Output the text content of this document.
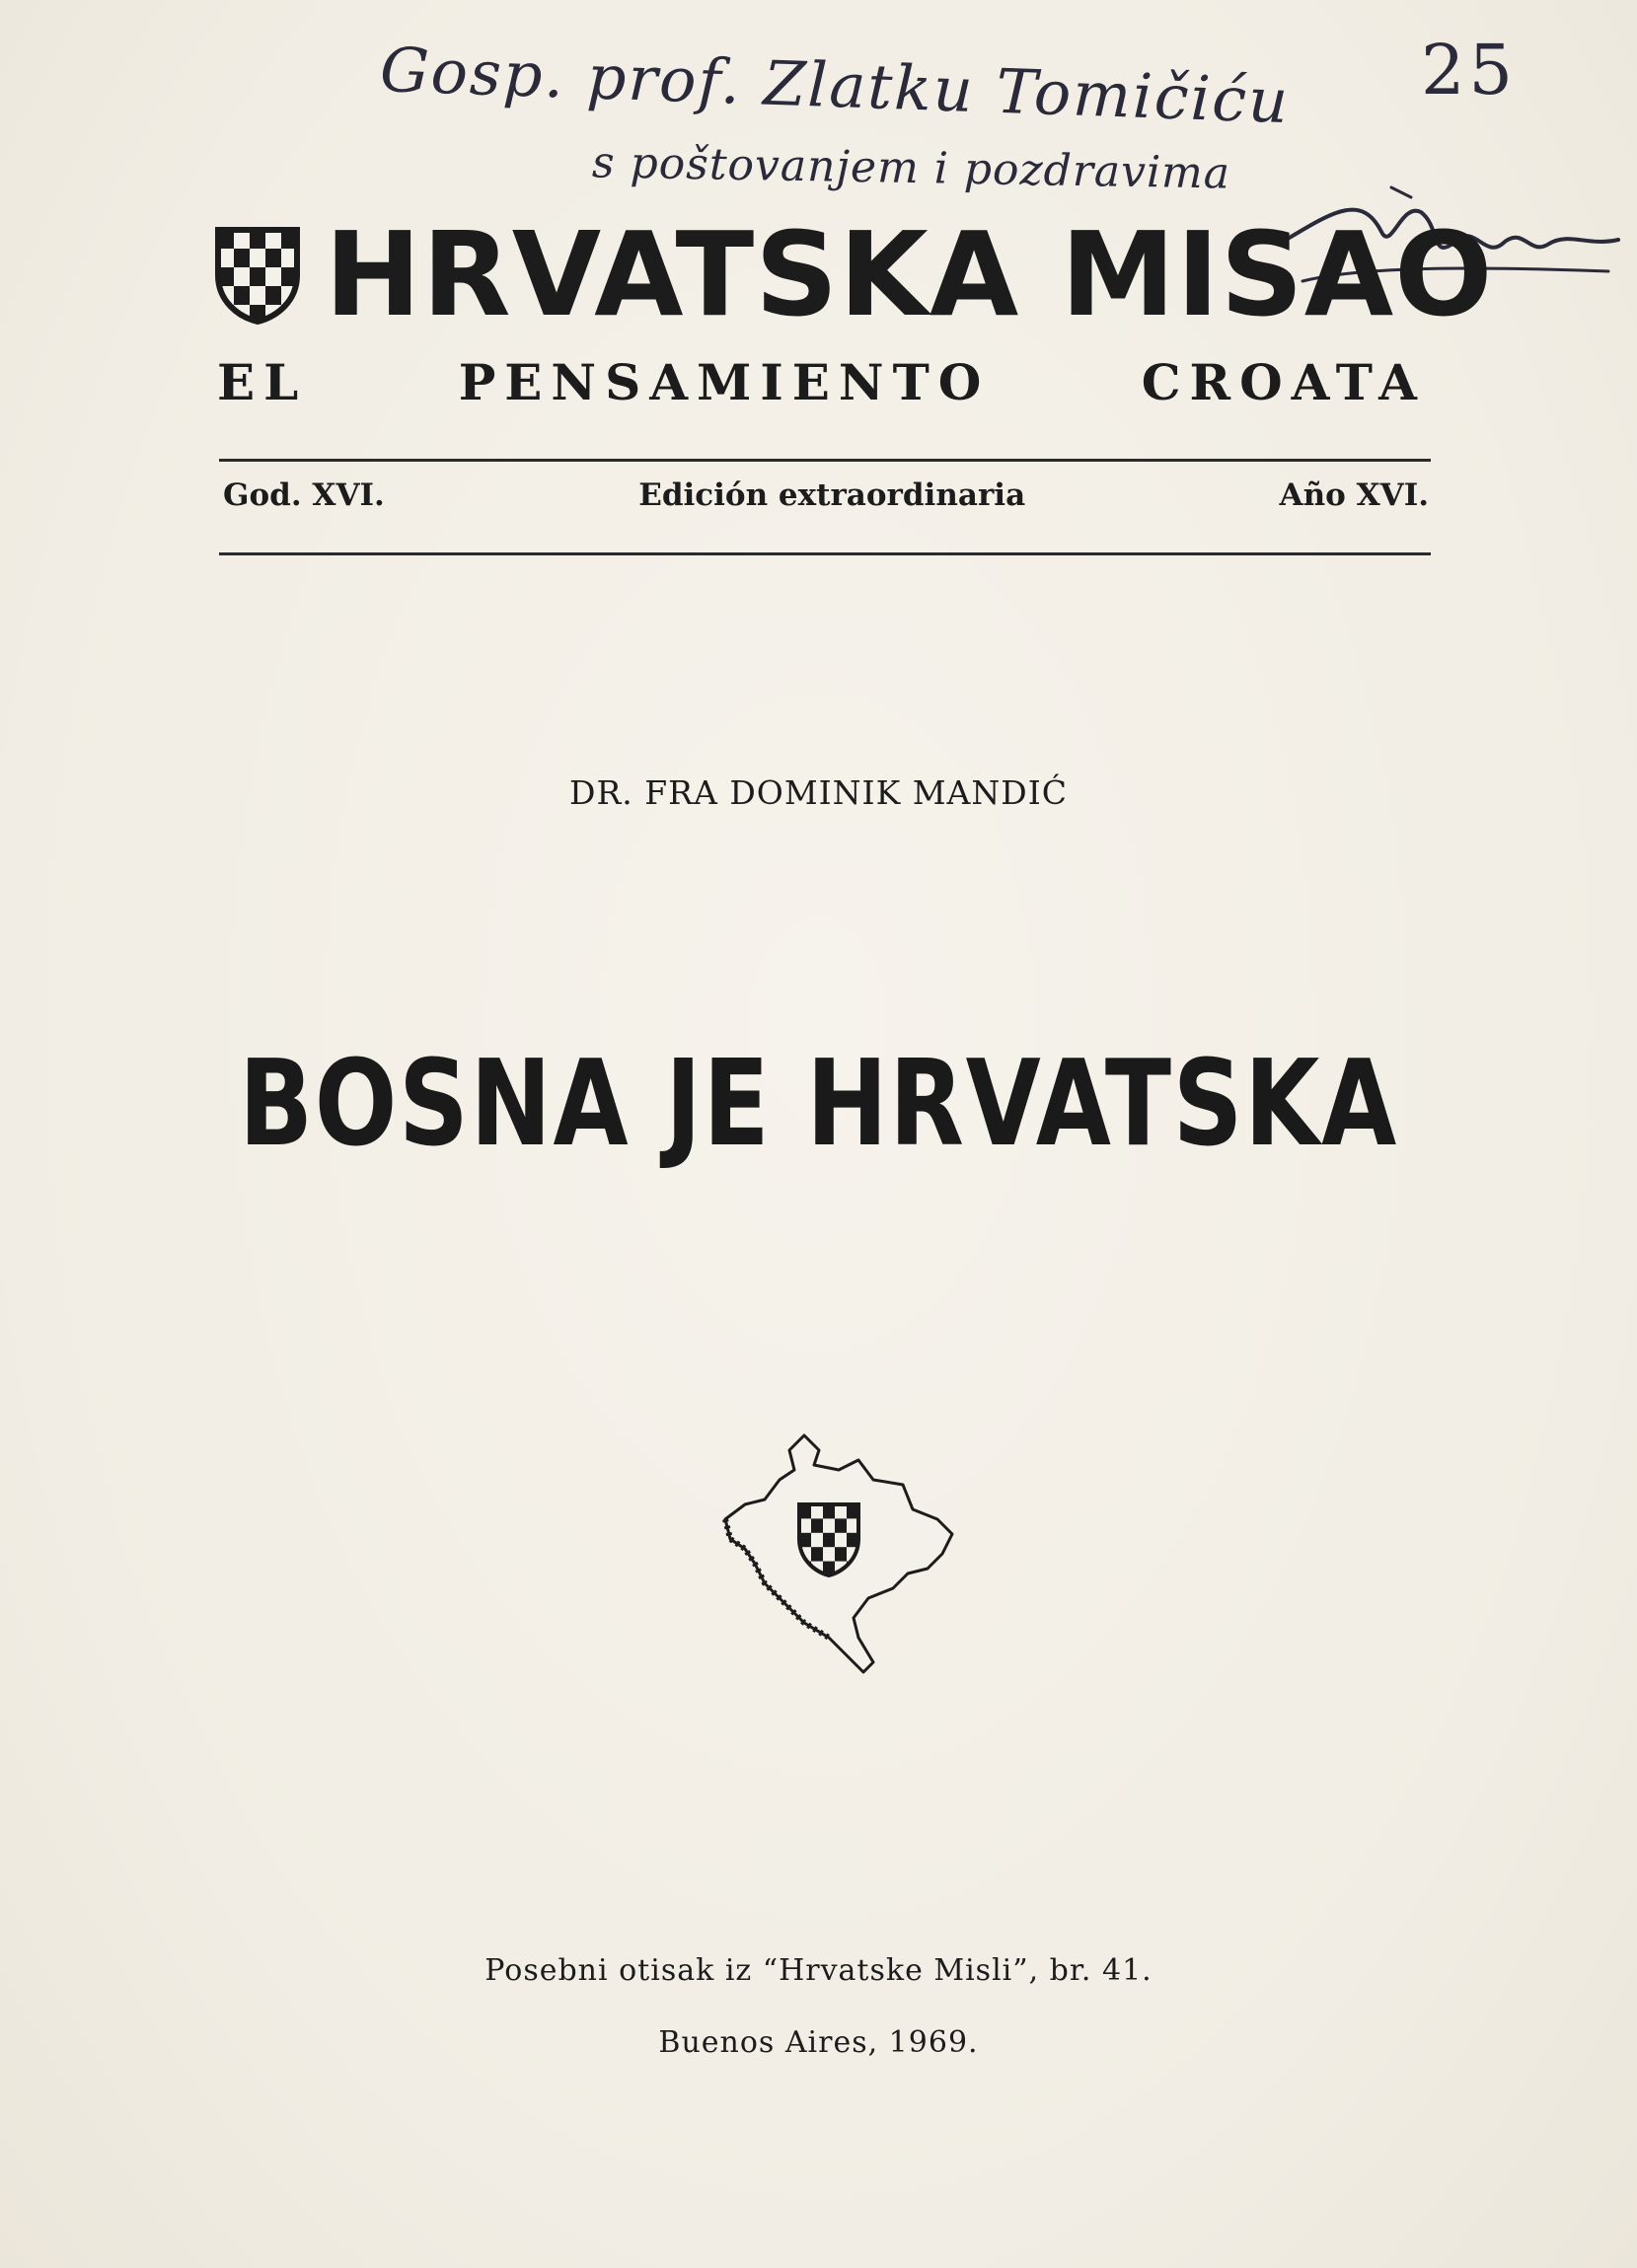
Gosp. prof. Zlatku Tomičiću
s poštovanjem i pozdravima
25
HRVATSKA MISAO
EL	PENSAMIENTO	CROATA
God. XVI.	Edición extraordinaria	Año XVI.
DR. FRA DOMINIK MANDIĆ
BOSNA JE HRVATSKA
Posebni otisak iz “Hrvatske Misli”, br. 41.
Buenos Aires, 1969.
